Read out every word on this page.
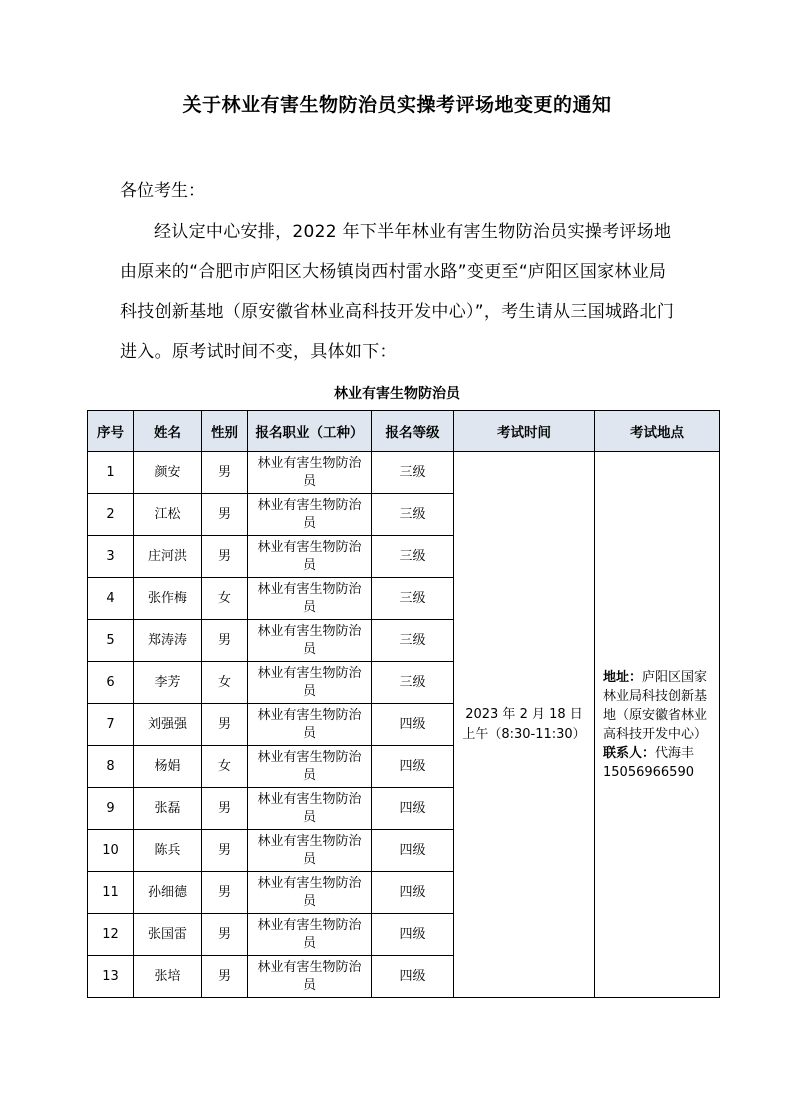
关于林业有害生物防治员实操考评场地变更的通知
各位考生：
经认定中心安排，2022 年下半年林业有害生物防治员实操考评场地由原来的“合肥市庐阳区大杨镇岗西村雷水路”变更至“庐阳区国家林业局科技创新基地（原安徽省林业高科技开发中心）”，考生请从三国城路北门进入。原考试时间不变，具体如下：
林业有害生物防治员
序号	姓名	性别	报名职业（工种）	报名等级	考试时间	考试地点
1	颜安	男	林业有害生物防治员	三级	2023 年 2 月 18 日
上午（8:30-11:30）	地址：庐阳区国家林业局科技创新基地（原安徽省林业高科技开发中心）
联系人：代海丰
15056966590
2	江松	男	林业有害生物防治员	三级		
3	庄河洪	男	林业有害生物防治员	三级		
4	张作梅	女	林业有害生物防治员	三级		
5	郑涛涛	男	林业有害生物防治员	三级		
6	李芳	女	林业有害生物防治员	三级		
7	刘强强	男	林业有害生物防治员	四级		
8	杨娟	女	林业有害生物防治员	四级		
9	张磊	男	林业有害生物防治员	四级		
10	陈兵	男	林业有害生物防治员	四级		
11	孙细德	男	林业有害生物防治员	四级		
12	张国雷	男	林业有害生物防治员	四级		
13	张培	男	林业有害生物防治员	四级		
